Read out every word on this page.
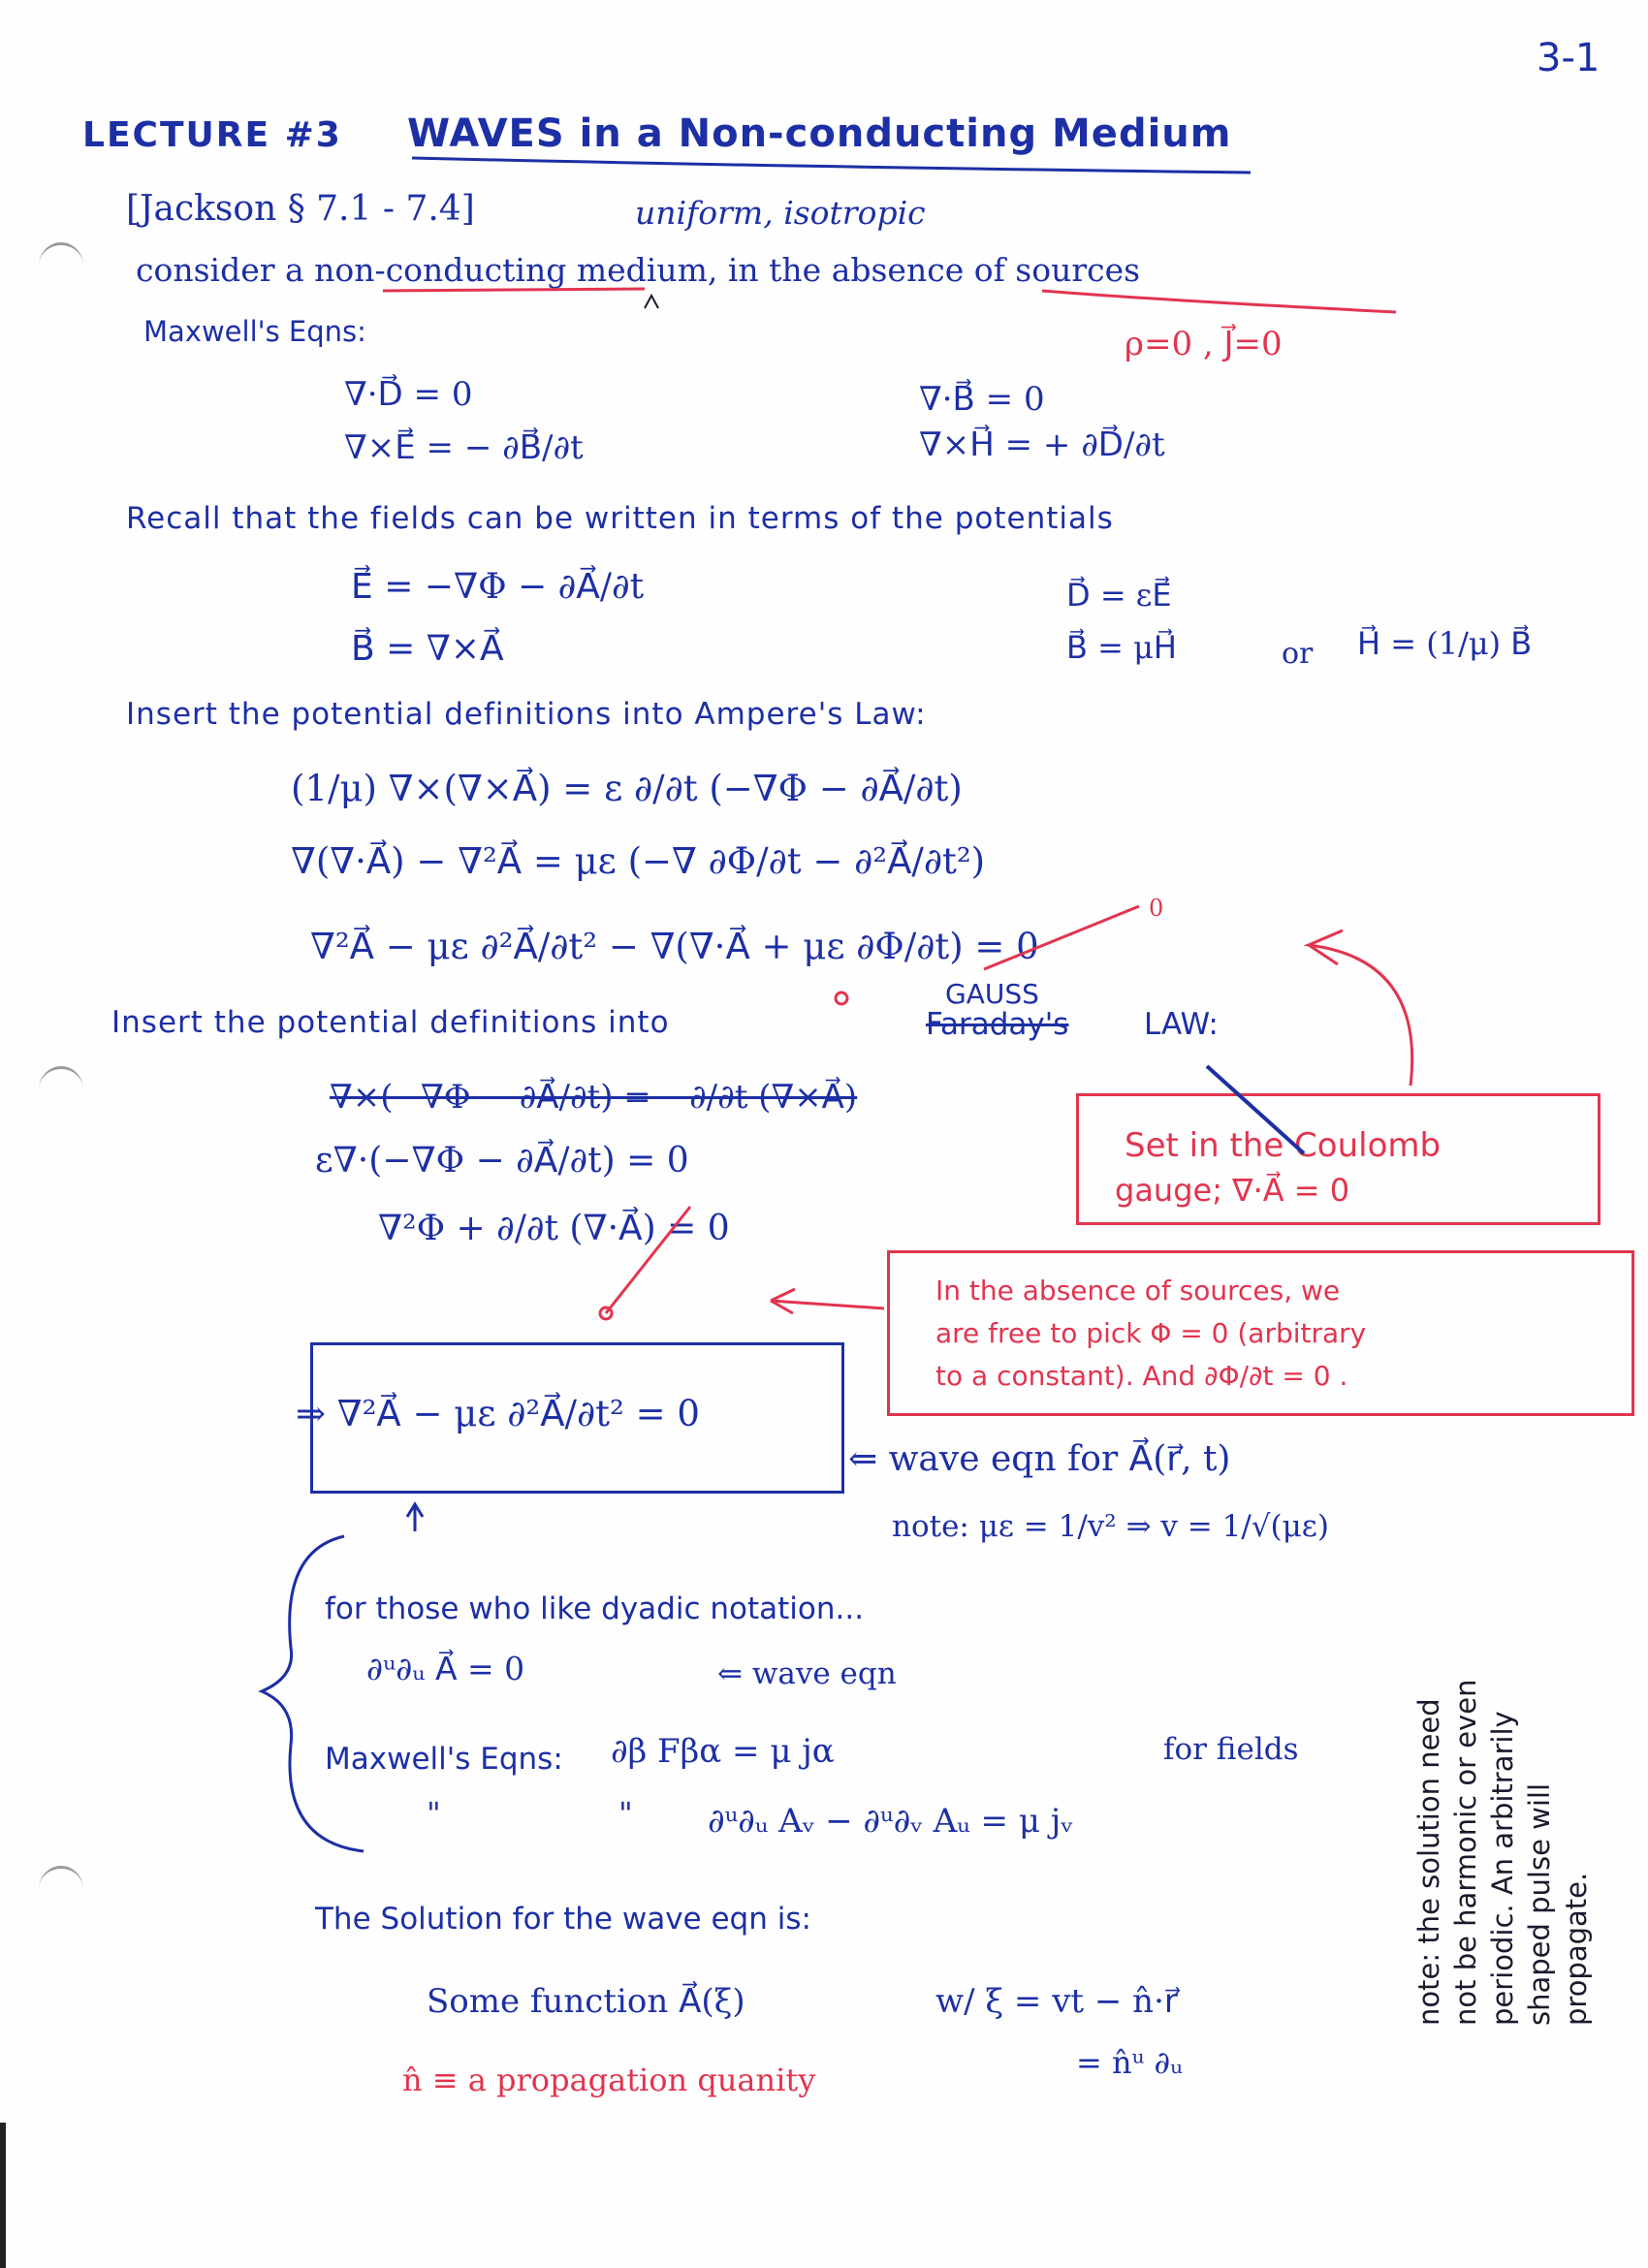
3-1
LECTURE #3 WAVES in a Non-conducting Medium
[Jackson § 7.1 - 7.4]	uniform, isotropic
consider a non-conducting medium, in the absence of sources
ρ=0 , J⃗=0
Maxwell's Eqns:
∇·D⃗ = 0
∇×E⃗ = − ∂B⃗/∂t
∇·B⃗ = 0
∇×H⃗ = + ∂D⃗/∂t
Recall that the fields can be written in terms of the potentials
E⃗ = −∇Φ − ∂A⃗/∂t
B⃗ = ∇×A⃗
D⃗ = εE⃗
B⃗ = μH⃗	or H⃗ = (1/μ) B⃗
Insert the potential definitions into Ampere's Law:
(1/μ) ∇×(∇×A⃗) = ε ∂/∂t (−∇Φ − ∂A⃗/∂t)
∇(∇·A⃗) − ∇²A⃗ = με (−∇ ∂Φ/∂t − ∂²A⃗/∂t²)
∇²A⃗ − με ∂²A⃗/∂t² − ∇(∇·A⃗ + με ∂Φ/∂t) = 0
0
Insert the potential definitions into	Faraday's
GAUSS
LAW:
∇×(−∇Φ − ∂A⃗/∂t) = −∂/∂t (∇×A⃗)
ε∇·(−∇Φ − ∂A⃗/∂t) = 0
∇²Φ + ∂/∂t (∇·A⃗) = 0
Set in the Coulomb
gauge; ∇·A⃗ = 0
In the absence of sources, we
are free to pick Φ = 0 (arbitrary
to a constant). And ∂Φ/∂t = 0 .
⇒ ∇²A⃗ − με ∂²A⃗/∂t² = 0
⇐ wave eqn for A⃗(r⃗, t)
note: με = 1/v² ⇒ v = 1/√(με)
for those who like dyadic notation...
∂ᵘ∂ᵤ A⃗ = 0	⇐ wave eqn
Maxwell's Eqns: ∂β Fβα = μ jα	for fields
"	" ∂ᵘ∂ᵤ Aᵥ − ∂ᵘ∂ᵥ Aᵤ = μ jᵥ
The Solution for the wave eqn is:
Some function A⃗(ξ)	w/ ξ = vt − n̂·r⃗
= n̂ᵘ ∂ᵤ
n̂ ≡ a propagation quanity
note: the solution need not be harmonic or even periodic. An arbitrarily shaped pulse will propagate.
